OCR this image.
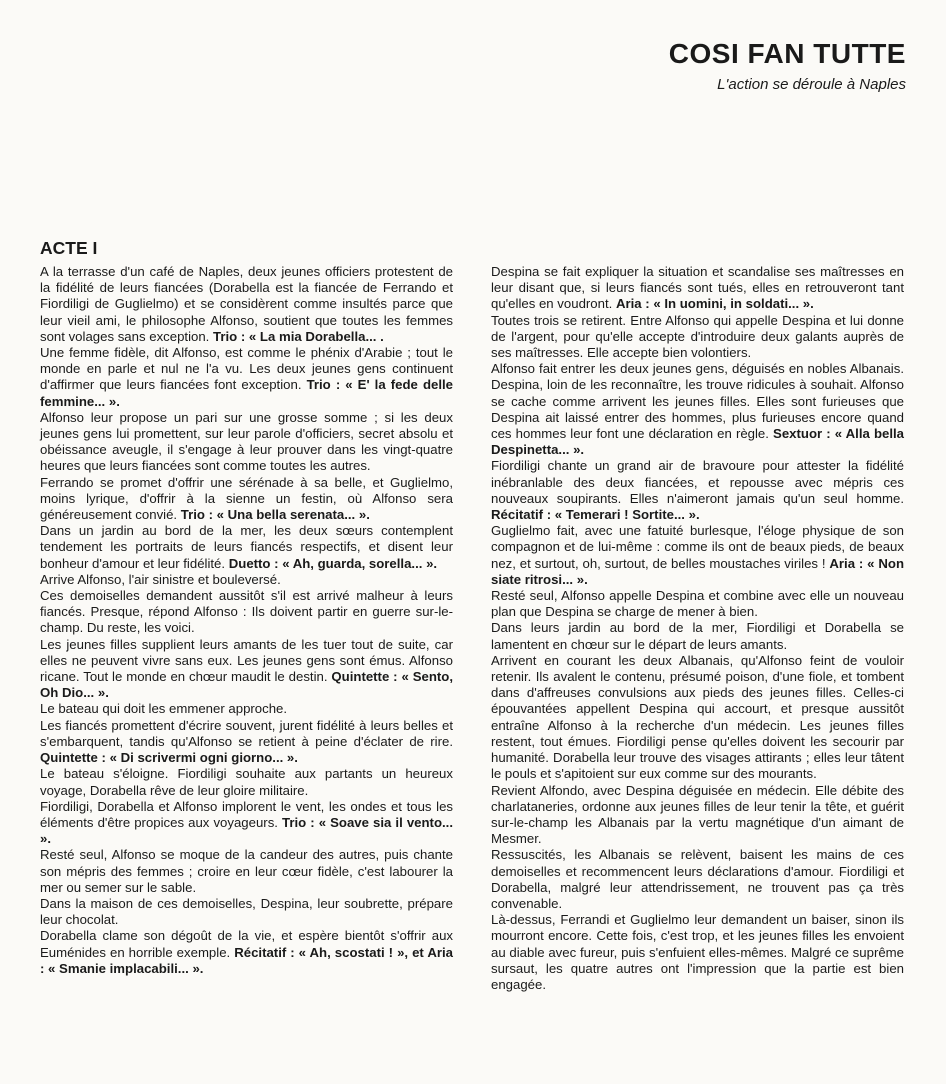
COSI FAN TUTTE
L'action se déroule à Naples
ACTE I

A la terrasse d'un café de Naples, deux jeunes officiers protestent de la fidélité de leurs fiancées (Dorabella est la fiancée de Ferrando et Fiordiligi de Guglielmo) et se considèrent comme insultés parce que leur vieil ami, le philosophe Alfonso, soutient que toutes les femmes sont volages sans exception. Trio : « La mia Dorabella... .

Une femme fidèle, dit Alfonso, est comme le phénix d'Arabie ; tout le monde en parle et nul ne l'a vu. Les deux jeunes gens continuent d'affirmer que leurs fiancées font exception. Trio : « E' la fede delle femmine... ».

Alfonso leur propose un pari sur une grosse somme ; si les deux jeunes gens lui promettent, sur leur parole d'officiers, secret absolu et obéissance aveugle, il s'engage à leur prouver dans les vingt-quatre heures que leurs fiancées sont comme toutes les autres.

Ferrando se promet d'offrir une sérénade à sa belle, et Guglielmo, moins lyrique, d'offrir à la sienne un festin, où Alfonso sera généreusement convié. Trio : « Una bella serenata... ».

Dans un jardin au bord de la mer, les deux sœurs contemplent tendement les portraits de leurs fiancés respectifs, et disent leur bonheur d'amour et leur fidélité. Duetto : « Ah, guarda, sorella... ».

Arrive Alfonso, l'air sinistre et bouleversé.

Ces demoiselles demandent aussitôt s'il est arrivé malheur à leurs fiancés. Presque, répond Alfonso : Ils doivent partir en guerre sur-le-champ. Du reste, les voici.

Les jeunes filles supplient leurs amants de les tuer tout de suite, car elles ne peuvent vivre sans eux. Les jeunes gens sont émus. Alfonso ricane. Tout le monde en chœur maudit le destin. Quintette : « Sento, Oh Dio... ».

Le bateau qui doit les emmener approche.

Les fiancés promettent d'écrire souvent, jurent fidélité à leurs belles et s'embarquent, tandis qu'Alfonso se retient à peine d'éclater de rire. Quintette : « Di scrivermi ogni giorno... ».

Le bateau s'éloigne. Fiordiligi souhaite aux partants un heureux voyage, Dorabella rêve de leur gloire militaire.

Fiordiligi, Dorabella et Alfonso implorent le vent, les ondes et tous les éléments d'être propices aux voyageurs. Trio : « Soave sia il vento... ».

Resté seul, Alfonso se moque de la candeur des autres, puis chante son mépris des femmes ; croire en leur cœur fidèle, c'est labourer la mer ou semer sur le sable.

Dans la maison de ces demoiselles, Despina, leur soubrette, prépare leur chocolat.

Dorabella clame son dégoût de la vie, et espère bientôt s'offrir aux Euménides en horrible exemple. Récitatif : « Ah, scostati ! », et Aria : « Smanie implacabili... ».

Despina se fait expliquer la situation et scandalise ses maîtresses en leur disant que, si leurs fiancés sont tués, elles en retrouveront tant qu'elles en voudront. Aria : « In uomini, in soldati... ».

Toutes trois se retirent. Entre Alfonso qui appelle Despina et lui donne de l'argent, pour qu'elle accepte d'introduire deux galants auprès de ses maîtresses. Elle accepte bien volontiers.

Alfonso fait entrer les deux jeunes gens, déguisés en nobles Albanais. Despina, loin de les reconnaître, les trouve ridicules à souhait. Alfonso se cache comme arrivent les jeunes filles. Elles sont furieuses que Despina ait laissé entrer des hommes, plus furieuses encore quand ces hommes leur font une déclaration en règle. Sextuor : « Alla bella Despinetta... ».

Fiordiligi chante un grand air de bravoure pour attester la fidélité inébranlable des deux fiancées, et repousse avec mépris ces nouveaux soupirants. Elles n'aimeront jamais qu'un seul homme. Récitatif : « Temerari ! Sortite... ».

Guglielmo fait, avec une fatuité burlesque, l'éloge physique de son compagnon et de lui-même : comme ils ont de beaux pieds, de beaux nez, et surtout, oh, surtout, de belles moustaches viriles ! Aria : « Non siate ritrosi... ».

Resté seul, Alfonso appelle Despina et combine avec elle un nouveau plan que Despina se charge de mener à bien.

Dans leurs jardin au bord de la mer, Fiordiligi et Dorabella se lamentent en chœur sur le départ de leurs amants.

Arrivent en courant les deux Albanais, qu'Alfonso feint de vouloir retenir. Ils avalent le contenu, présumé poison, d'une fiole, et tombent dans d'affreuses convulsions aux pieds des jeunes filles. Celles-ci épouvantées appellent Despina qui accourt, et presque aussitôt entraîne Alfonso à la recherche d'un médecin. Les jeunes filles restent, tout émues. Fiordiligi pense qu'elles doivent les secourir par humanité. Dorabella leur trouve des visages attirants ; elles leur tâtent le pouls et s'apitoient sur eux comme sur des mourants.

Revient Alfondo, avec Despina déguisée en médecin. Elle débite des charlataneries, ordonne aux jeunes filles de leur tenir la tête, et guérit sur-le-champ les Albanais par la vertu magnétique d'un aimant de Mesmer.

Ressuscités, les Albanais se relèvent, baisent les mains de ces demoiselles et recommencent leurs déclarations d'amour. Fiordiligi et Dorabella, malgré leur attendrissement, ne trouvent pas ça très convenable.

Là-dessus, Ferrandi et Guglielmo leur demandent un baiser, sinon ils mourront encore. Cette fois, c'est trop, et les jeunes filles les envoient au diable avec fureur, puis s'enfuient elles-mêmes. Malgré ce suprême sursaut, les quatre autres ont l'impression que la partie est bien engagée.
